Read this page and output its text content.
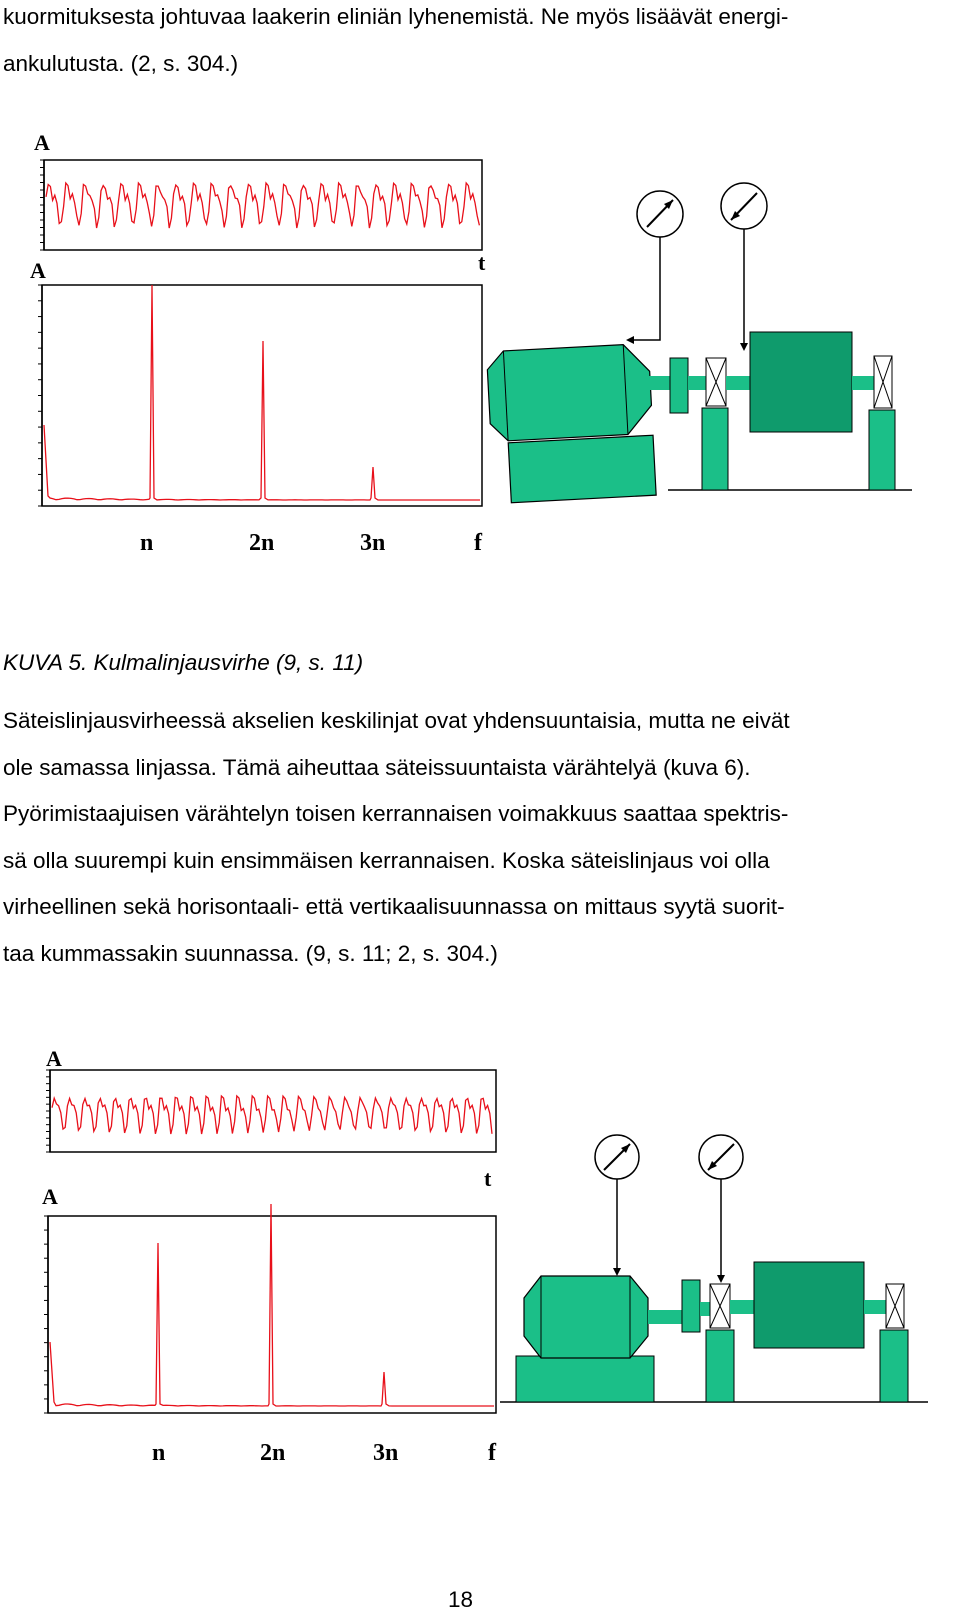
kuormituksesta johtuvaa laakerin eliniän lyhenemistä. Ne myös lisäävät energi-
ankulutusta. (2, s. 304.)
A
t
A
n	2n	3n	f

KUVA 5. Kulmalinjausvirhe (9, s. 11)

Säteislinjausvirheessä akselien keskilinjat ovat yhdensuuntaisia, mutta ne eivät
ole samassa linjassa. Tämä aiheuttaa säteissuuntaista värähtelyä (kuva 6).
Pyörimistaajuisen värähtelyn toisen kerrannaisen voimakkuus saattaa spektris-
sä olla suurempi kuin ensimmäisen kerrannaisen. Koska säteislinjaus voi olla
virheellinen sekä horisontaali- että vertikaalisuunnassa on mittaus syytä suorit-
taa kummassakin suunnassa. (9, s. 11; 2, s. 304.)
A
t
A
n	2n	3n	f

18
